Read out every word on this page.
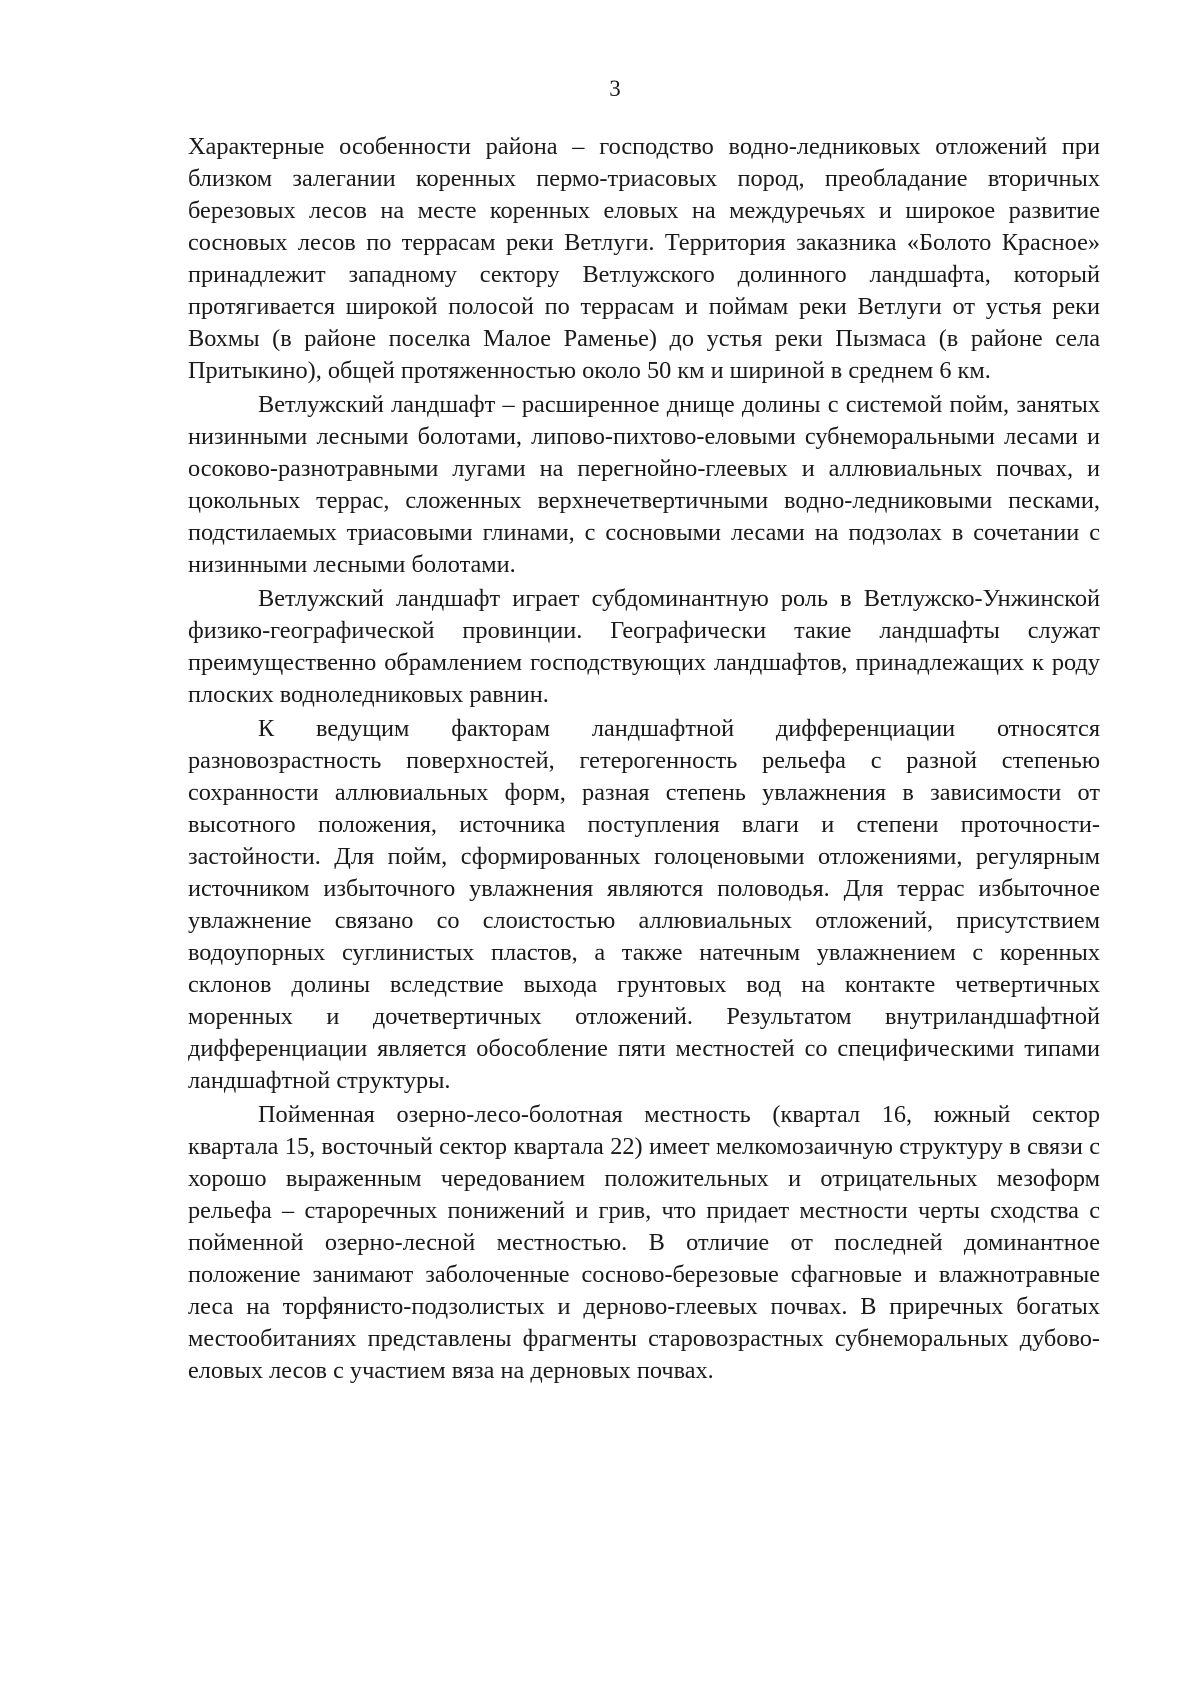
3

Характерные особенности района – господство водно-ледниковых отложений при близком залегании коренных пермо-триасовых пород, преобладание вторичных березовых лесов на месте коренных еловых на междуречьях и широкое развитие сосновых лесов по террасам реки Ветлуги. Территория заказника «Болото Красное» принадлежит западному сектору Ветлужского долинного ландшафта, который протягивается широкой полосой по террасам и поймам реки Ветлуги от устья реки Вохмы (в районе поселка Малое Раменье) до устья реки Пызмаса (в районе села Притыкино), общей протяженностью около 50 км и шириной в среднем 6 км.

Ветлужский ландшафт – расширенное днище долины с системой пойм, занятых низинными лесными болотами, липово-пихтово-еловыми субнеморальными лесами и осоково-разнотравными лугами на перегнойно-глеевых и аллювиальных почвах, и цокольных террас, сложенных верхнечетвертичными водно-ледниковыми песками, подстилаемых триасовыми глинами, с сосновыми лесами на подзолах в сочетании с низинными лесными болотами.

Ветлужский ландшафт играет субдоминантную роль в Ветлужско-Унжинской физико-географической провинции. Географически такие ландшафты служат преимущественно обрамлением господствующих ландшафтов, принадлежащих к роду плоских водноледниковых равнин.

К ведущим факторам ландшафтной дифференциации относятся разновозрастность поверхностей, гетерогенность рельефа с разной степенью сохранности аллювиальных форм, разная степень увлажнения в зависимости от высотного положения, источника поступления влаги и степени проточности-застойности. Для пойм, сформированных голоценовыми отложениями, регулярным источником избыточного увлажнения являются половодья. Для террас избыточное увлажнение связано со слоистостью аллювиальных отложений, присутствием водоупорных суглинистых пластов, а также натечным увлажнением с коренных склонов долины вследствие выхода грунтовых вод на контакте четвертичных моренных и дочетвертичных отложений. Результатом внутриландшафтной дифференциации является обособление пяти местностей со специфическими типами ландшафтной структуры.

Пойменная озерно-лесо-болотная местность (квартал 16, южный сектор квартала 15, восточный сектор квартала 22) имеет мелкомозаичную структуру в связи с хорошо выраженным чередованием положительных и отрицательных мезоформ рельефа – старoречных понижений и грив, что придает местности черты сходства с пойменной озерно-лесной местностью. В отличие от последней доминантное положение занимают заболоченные сосново-березовые сфагновые и влажнотравные леса на торфянисто-подзолистых и дерново-глеевых почвах. В приречных богатых местообитаниях представлены фрагменты старовозрастных субнеморальных дубово-еловых лесов с участием вяза на дерновых почвах.
